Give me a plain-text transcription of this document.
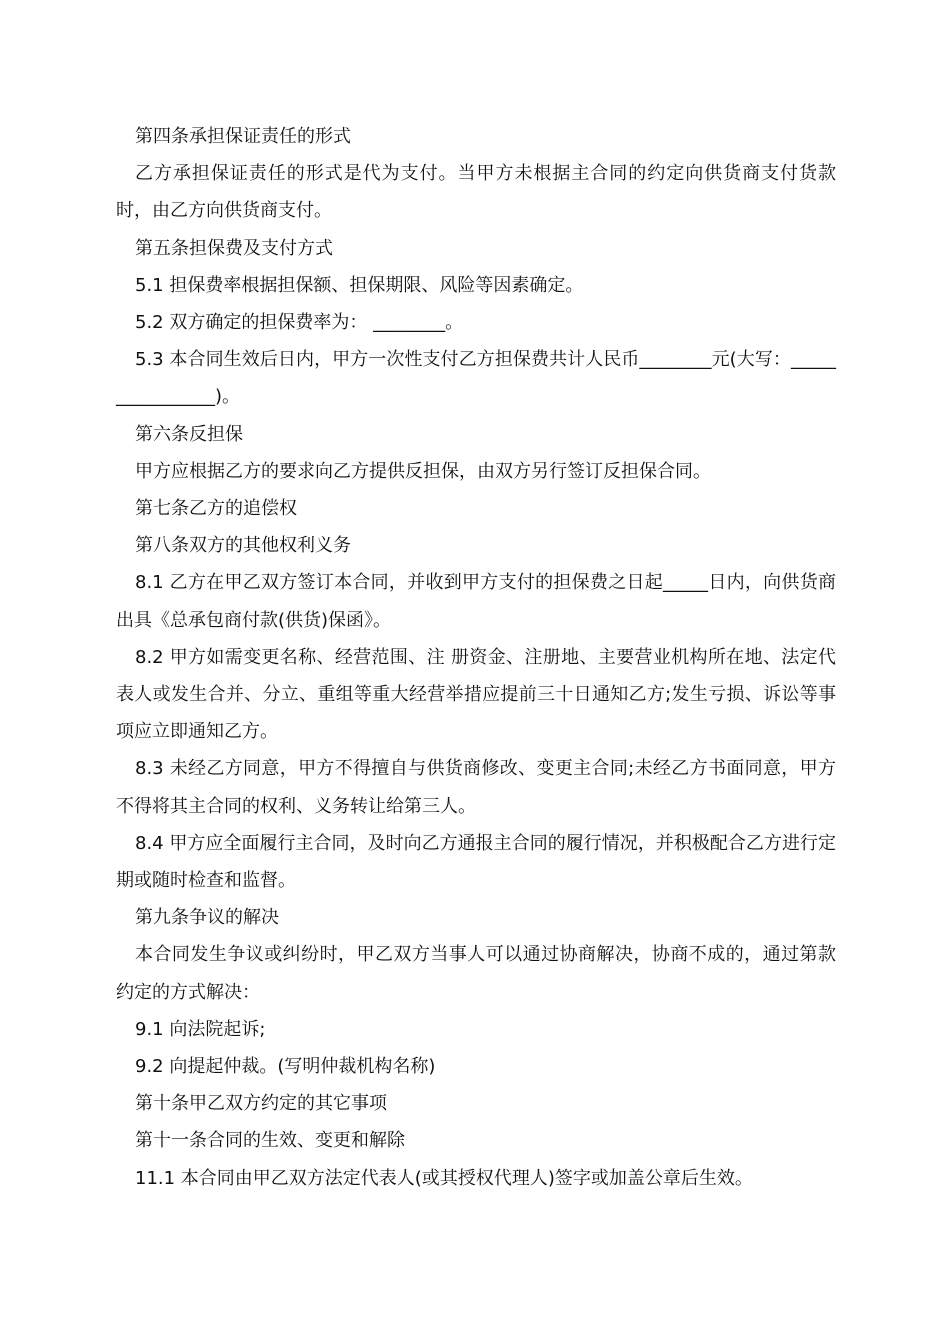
第四条承担保证责任的形式

乙方承担保证责任的形式是代为支付。当甲方未根据主合同的约定向供货商支付货款时，由乙方向供货商支付。

第五条担保费及支付方式

5.1 担保费率根据担保额、担保期限、风险等因素确定。

5.2 双方确定的担保费率为： ________。

5.3 本合同生效后日内，甲方一次性支付乙方担保费共计人民币________元(大写：________________)。

第六条反担保

甲方应根据乙方的要求向乙方提供反担保，由双方另行签订反担保合同。

第七条乙方的追偿权

第八条双方的其他权利义务

8.1 乙方在甲乙双方签订本合同，并收到甲方支付的担保费之日起_____日内，向供货商出具《总承包商付款(供货)保函》。

8.2 甲方如需变更名称、经营范围、注 册资金、注册地、主要营业机构所在地、法定代表人或发生合并、分立、重组等重大经营举措应提前三十日通知乙方;发生亏损、诉讼等事项应立即通知乙方。

8.3 未经乙方同意，甲方不得擅自与供货商修改、变更主合同;未经乙方书面同意，甲方不得将其主合同的权利、义务转让给第三人。

8.4 甲方应全面履行主合同，及时向乙方通报主合同的履行情况，并积极配合乙方进行定期或随时检查和监督。

第九条争议的解决

本合同发生争议或纠纷时，甲乙双方当事人可以通过协商解决，协商不成的，通过第款约定的方式解决：

9.1 向法院起诉;

9.2 向提起仲裁。(写明仲裁机构名称)

第十条甲乙双方约定的其它事项

第十一条合同的生效、变更和解除

11.1 本合同由甲乙双方法定代表人(或其授权代理人)签字或加盖公章后生效。
